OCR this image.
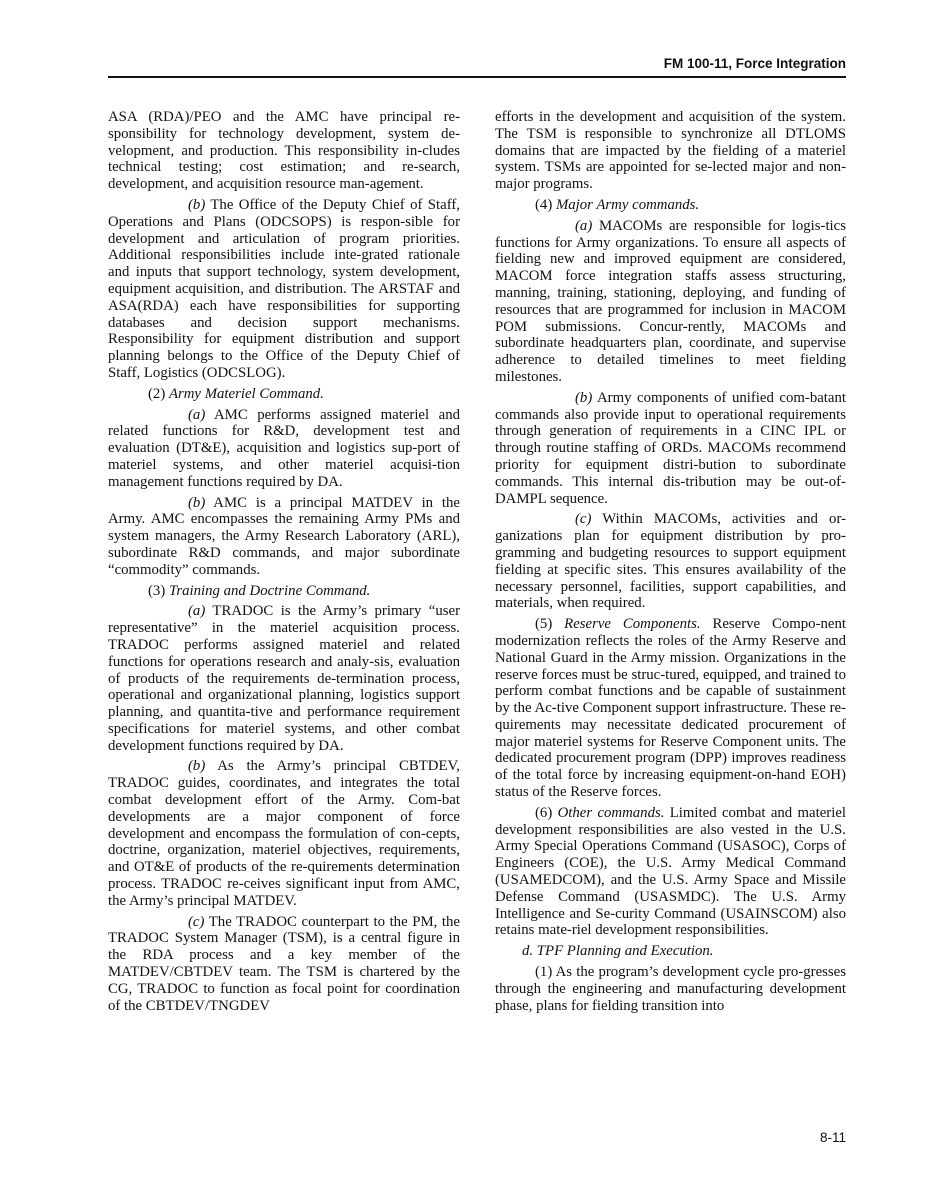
FM 100-11, Force Integration

ASA (RDA)/PEO and the AMC have principal re-sponsibility for technology development, system de-velopment, and production. This responsibility in-cludes technical testing; cost estimation; and re-search, development, and acquisition resource man-agement.

(b) The Office of the Deputy Chief of Staff, Operations and Plans (ODCSOPS) is respon-sible for development and articulation of program priorities. Additional responsibilities include inte-grated rationale and inputs that support technology, system development, equipment acquisition, and distribution. The ARSTAF and ASA(RDA) each have responsibilities for supporting databases and decision support mechanisms. Responsibility for equipment distribution and support planning belongs to the Office of the Deputy Chief of Staff, Logistics (ODCSLOG).

(2) Army Materiel Command.

(a) AMC performs assigned materiel and related functions for R&D, development test and evaluation (DT&E), acquisition and logistics sup-port of materiel systems, and other materiel acquisi-tion management functions required by DA.

(b) AMC is a principal MATDEV in the Army. AMC encompasses the remaining Army PMs and system managers, the Army Research Laboratory (ARL), subordinate R&D commands, and major subordinate “commodity” commands.

(3) Training and Doctrine Command.

(a) TRADOC is the Army’s primary “user representative” in the materiel acquisition process. TRADOC performs assigned materiel and related functions for operations research and analy-sis, evaluation of products of the requirements de-termination process, operational and organizational planning, logistics support planning, and quantita-tive and performance requirement specifications for materiel systems, and other combat development functions required by DA.

(b) As the Army’s principal CBTDEV, TRADOC guides, coordinates, and integrates the total combat development effort of the Army. Com-bat developments are a major component of force development and encompass the formulation of con-cepts, doctrine, organization, materiel objectives, requirements, and OT&E of products of the re-quirements determination process. TRADOC re-ceives significant input from AMC, the Army’s principal MATDEV.

(c) The TRADOC counterpart to the PM, the TRADOC System Manager (TSM), is a central figure in the RDA process and a key member of the MATDEV/CBTDEV team. The TSM is chartered by the CG, TRADOC to function as focal point for coordination of the CBTDEV/TNGDEV

efforts in the development and acquisition of the system. The TSM is responsible to synchronize all DTLOMS domains that are impacted by the fielding of a materiel system. TSMs are appointed for se-lected major and non-major programs.

(4) Major Army commands.

(a) MACOMs are responsible for logis-tics functions for Army organizations. To ensure all aspects of fielding new and improved equipment are considered, MACOM force integration staffs assess structuring, manning, training, stationing, deploying, and funding of resources that are programmed for inclusion in MACOM POM submissions. Concur-rently, MACOMs and subordinate headquarters plan, coordinate, and supervise adherence to detailed timelines to meet fielding milestones.

(b) Army components of unified com-batant commands also provide input to operational requirements through generation of requirements in a CINC IPL or through routine staffing of ORDs. MACOMs recommend priority for equipment distri-bution to subordinate commands. This internal dis-tribution may be out-of-DAMPL sequence.

(c) Within MACOMs, activities and or-ganizations plan for equipment distribution by pro-gramming and budgeting resources to support equipment fielding at specific sites. This ensures availability of the necessary personnel, facilities, support capabilities, and materials, when required.

(5) Reserve Components. Reserve Compo-nent modernization reflects the roles of the Army Reserve and National Guard in the Army mission. Organizations in the reserve forces must be struc-tured, equipped, and trained to perform combat functions and be capable of sustainment by the Ac-tive Component support infrastructure. These re-quirements may necessitate dedicated procurement of major materiel systems for Reserve Component units. The dedicated procurement program (DPP) improves readiness of the total force by increasing equipment-on-hand EOH) status of the Reserve forces.

(6) Other commands. Limited combat and materiel development responsibilities are also vested in the U.S. Army Special Operations Command (USASOC), Corps of Engineers (COE), the U.S. Army Medical Command (USAMEDCOM), and the U.S. Army Space and Missile Defense Command (USASMDC). The U.S. Army Intelligence and Se-curity Command (USAINSCOM) also retains mate-riel development responsibilities.

d. TPF Planning and Execution.

(1) As the program’s development cycle pro-gresses through the engineering and manufacturing development phase, plans for fielding transition into

8-11
